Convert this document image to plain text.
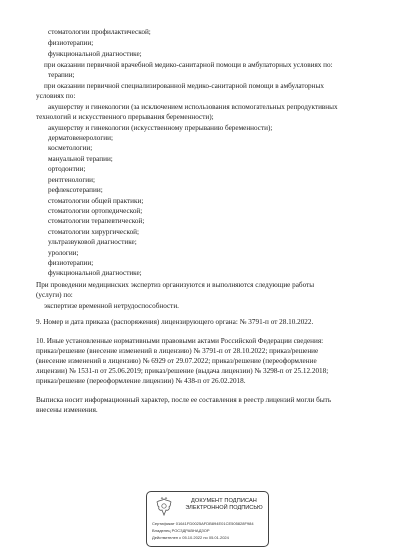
стоматологии профилактической;
физиотерапии;
функциональной диагностике;
при оказании первичной врачебной медико-санитарной помощи в амбулаторных условиях по:
терапии;
при оказании первичной специализированной медико-санитарной помощи в амбулаторных
условиях по:
акушерству и гинекологии (за исключением использования вспомогательных репродуктивных
технологий и искусственного прерывания беременности);
акушерству и гинекологии (искусственному прерыванию беременности);
дерматовенерологии;
косметологии;
мануальной терапии;
ортодонтии;
рентгенологии;
рефлексотерапии;
стоматологии общей практики;
стоматологии ортопедической;
стоматологии терапевтической;
стоматологии хирургической;
ультразвуковой диагностике;
урологии;
физиотерапии;
функциональной диагностике;
При проведении медицинских экспертиз организуются и выполняются следующие работы
(услуги) по:
экспертизе временной нетрудоспособности.
9. Номер и дата приказа (распоряжения) лицензирующего органа: № 3791-п от 28.10.2022.
10. Иные установленные нормативными правовыми актами Российской Федерации сведения:
приказ/решение (внесение изменений в лицензию) № 3791-п от 28.10.2022; приказ/решение
(внесение изменений в лицензию) № 6929 от 29.07.2022; приказ/решение (переоформление
лицензии) № 1531-п от 25.06.2019; приказ/решение (выдача лицензии) № 3298-п от 25.12.2018;
приказ/решение (переоформление лицензии) № 438-п от 26.02.2018.
Выписка носит информационный характер, после ее составления в реестр лицензий могли быть
внесены изменения.
ДОКУМЕНТ ПОДПИСАН
ЭЛЕКТРОННОЙ ПОДПИСЬЮ
Сертификат 01641FD0025AFDB894E01CE505828F984
Владелец РОСЗДРАВНАДЗОР
Действителен с 05.10.2022 по 05.01.2024
